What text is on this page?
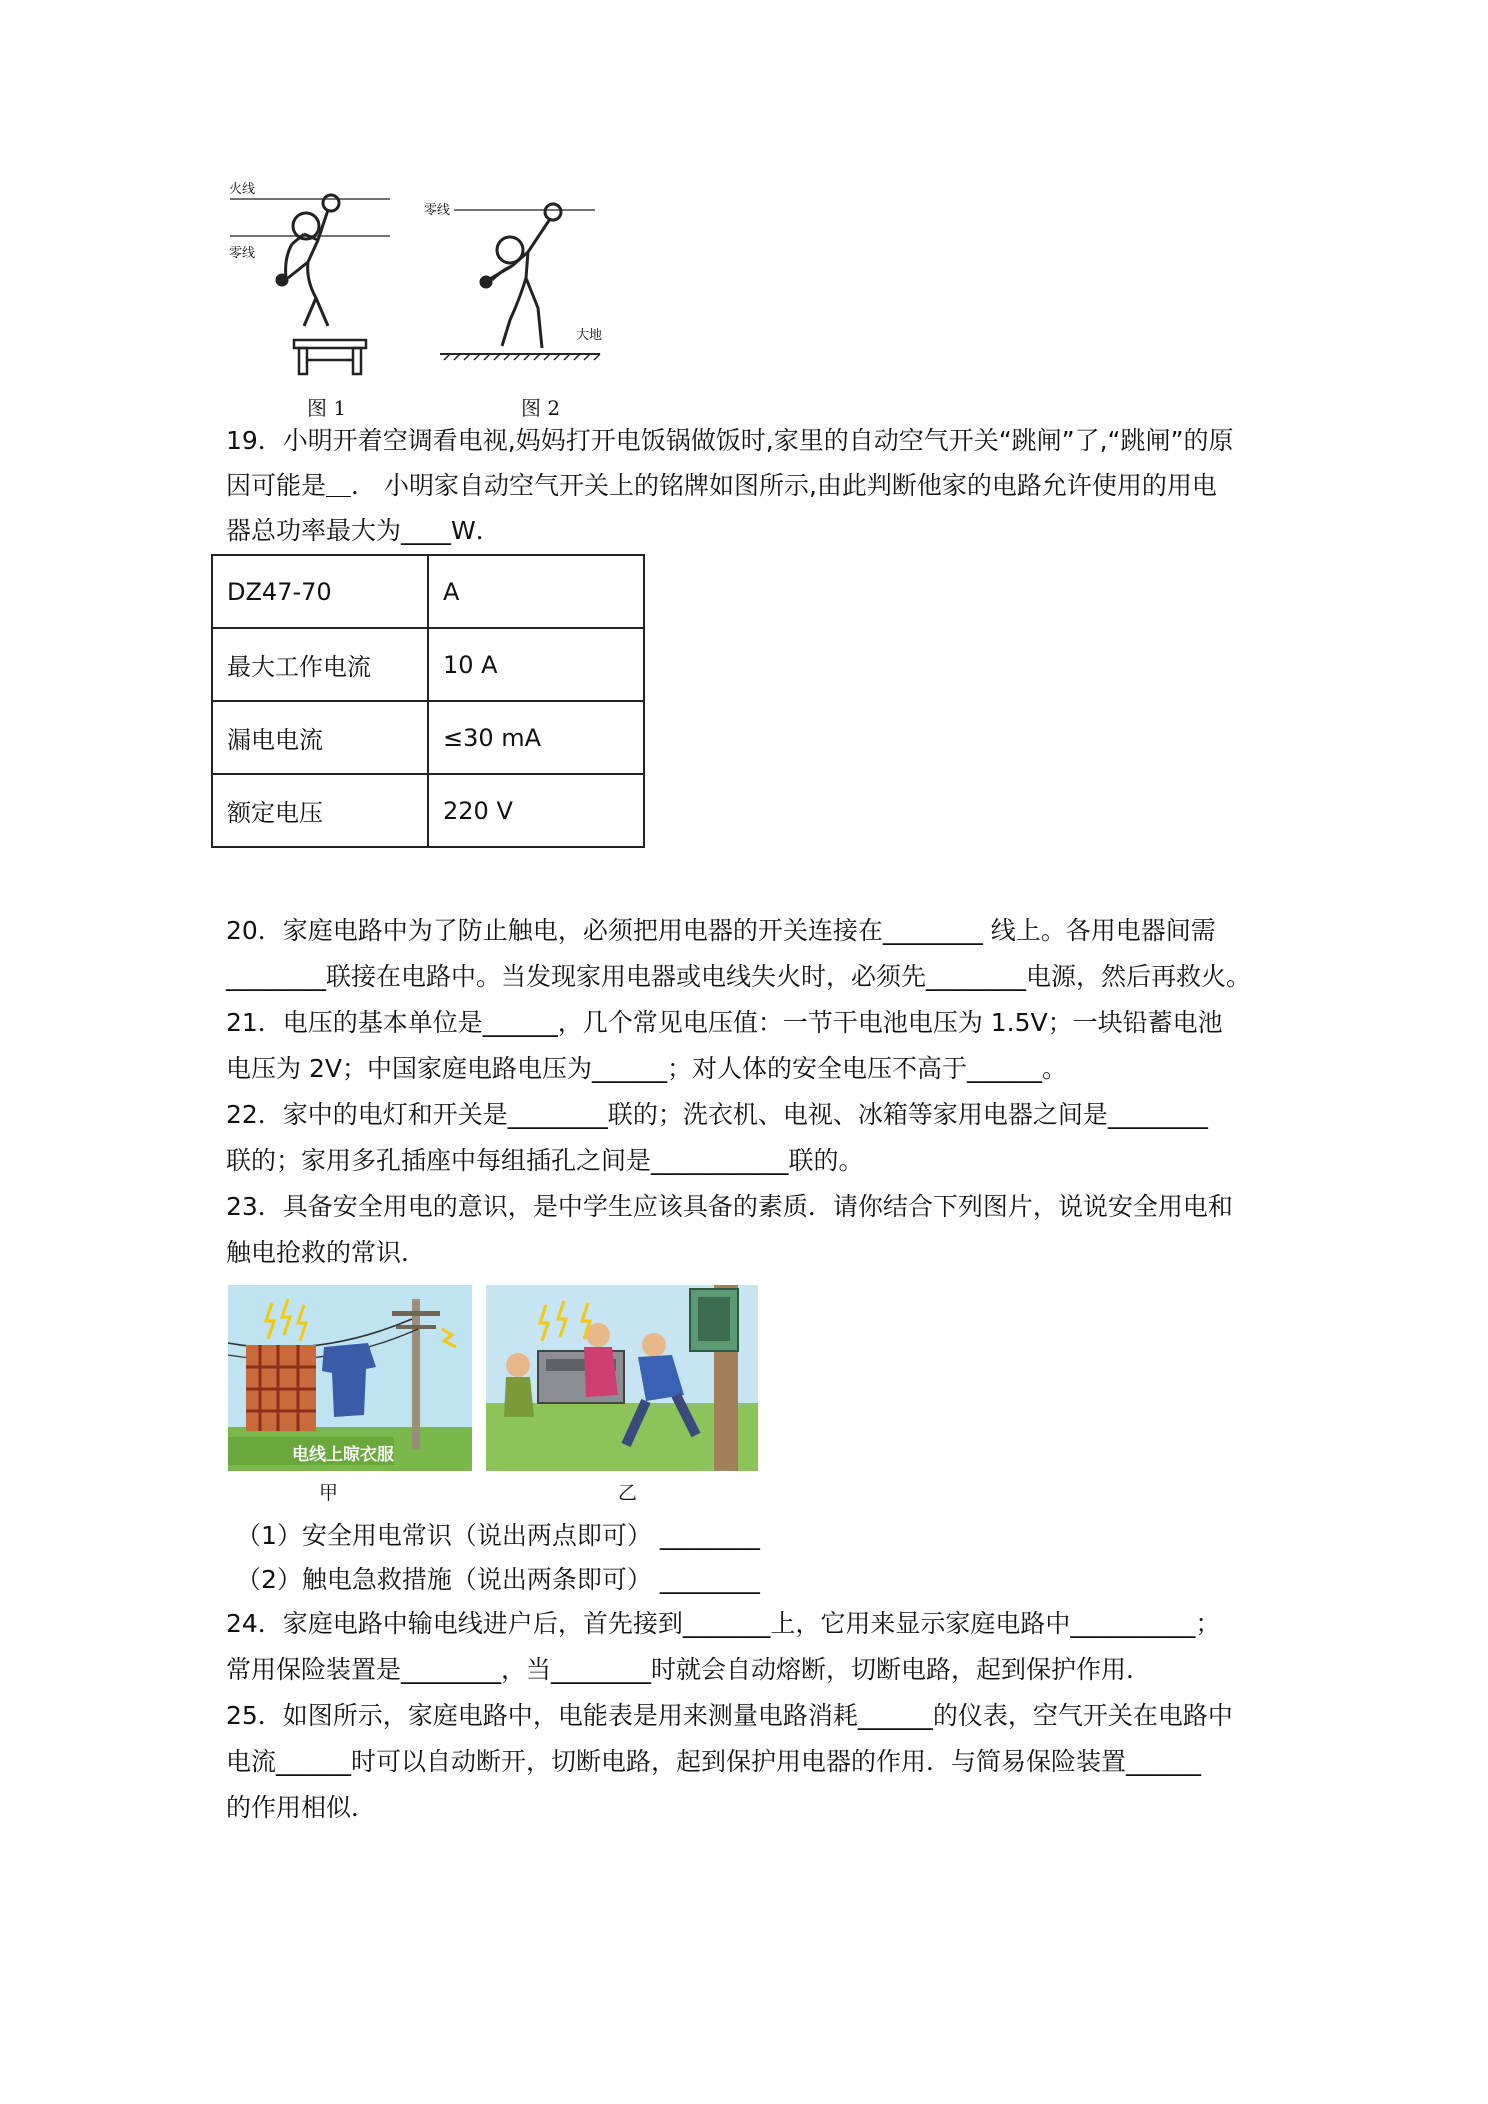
火线
零线
零线
大地
图 1	图 2
19．小明开着空调看电视,妈妈打开电饭锅做饭时,家里的自动空气开关“跳闸”了,“跳闸”的原
因可能是＿． 小明家自动空气开关上的铭牌如图所示,由此判断他家的电路允许使用的用电
器总功率最大为____W．
DZ47-70	A
最大工作电流	10 A
漏电电流	≤30 mA
额定电压	220 V
20．家庭电路中为了防止触电，必须把用电器的开关连接在________ 线上。各用电器间需
________联接在电路中。当发现家用电器或电线失火时，必须先________电源，然后再救火。
21．电压的基本单位是______，几个常见电压值：一节干电池电压为 1.5V；一块铅蓄电池
电压为 2V；中国家庭电路电压为______；对人体的安全电压不高于______。
22．家中的电灯和开关是________联的；洗衣机、电视、冰箱等家用电器之间是________
联的；家用多孔插座中每组插孔之间是___________联的。
23．具备安全用电的意识，是中学生应该具备的素质．请你结合下列图片，说说安全用电和
触电抢救的常识．
电线上晾衣服
甲	乙
（1）安全用电常识（说出两点即可） ________
（2）触电急救措施（说出两条即可） ________
24．家庭电路中输电线进户后，首先接到_______上，它用来显示家庭电路中__________；
常用保险装置是________，当________时就会自动熔断，切断电路，起到保护作用．
25．如图所示，家庭电路中，电能表是用来测量电路消耗______的仪表，空气开关在电路中
电流______时可以自动断开，切断电路，起到保护用电器的作用．与简易保险装置______
的作用相似．
